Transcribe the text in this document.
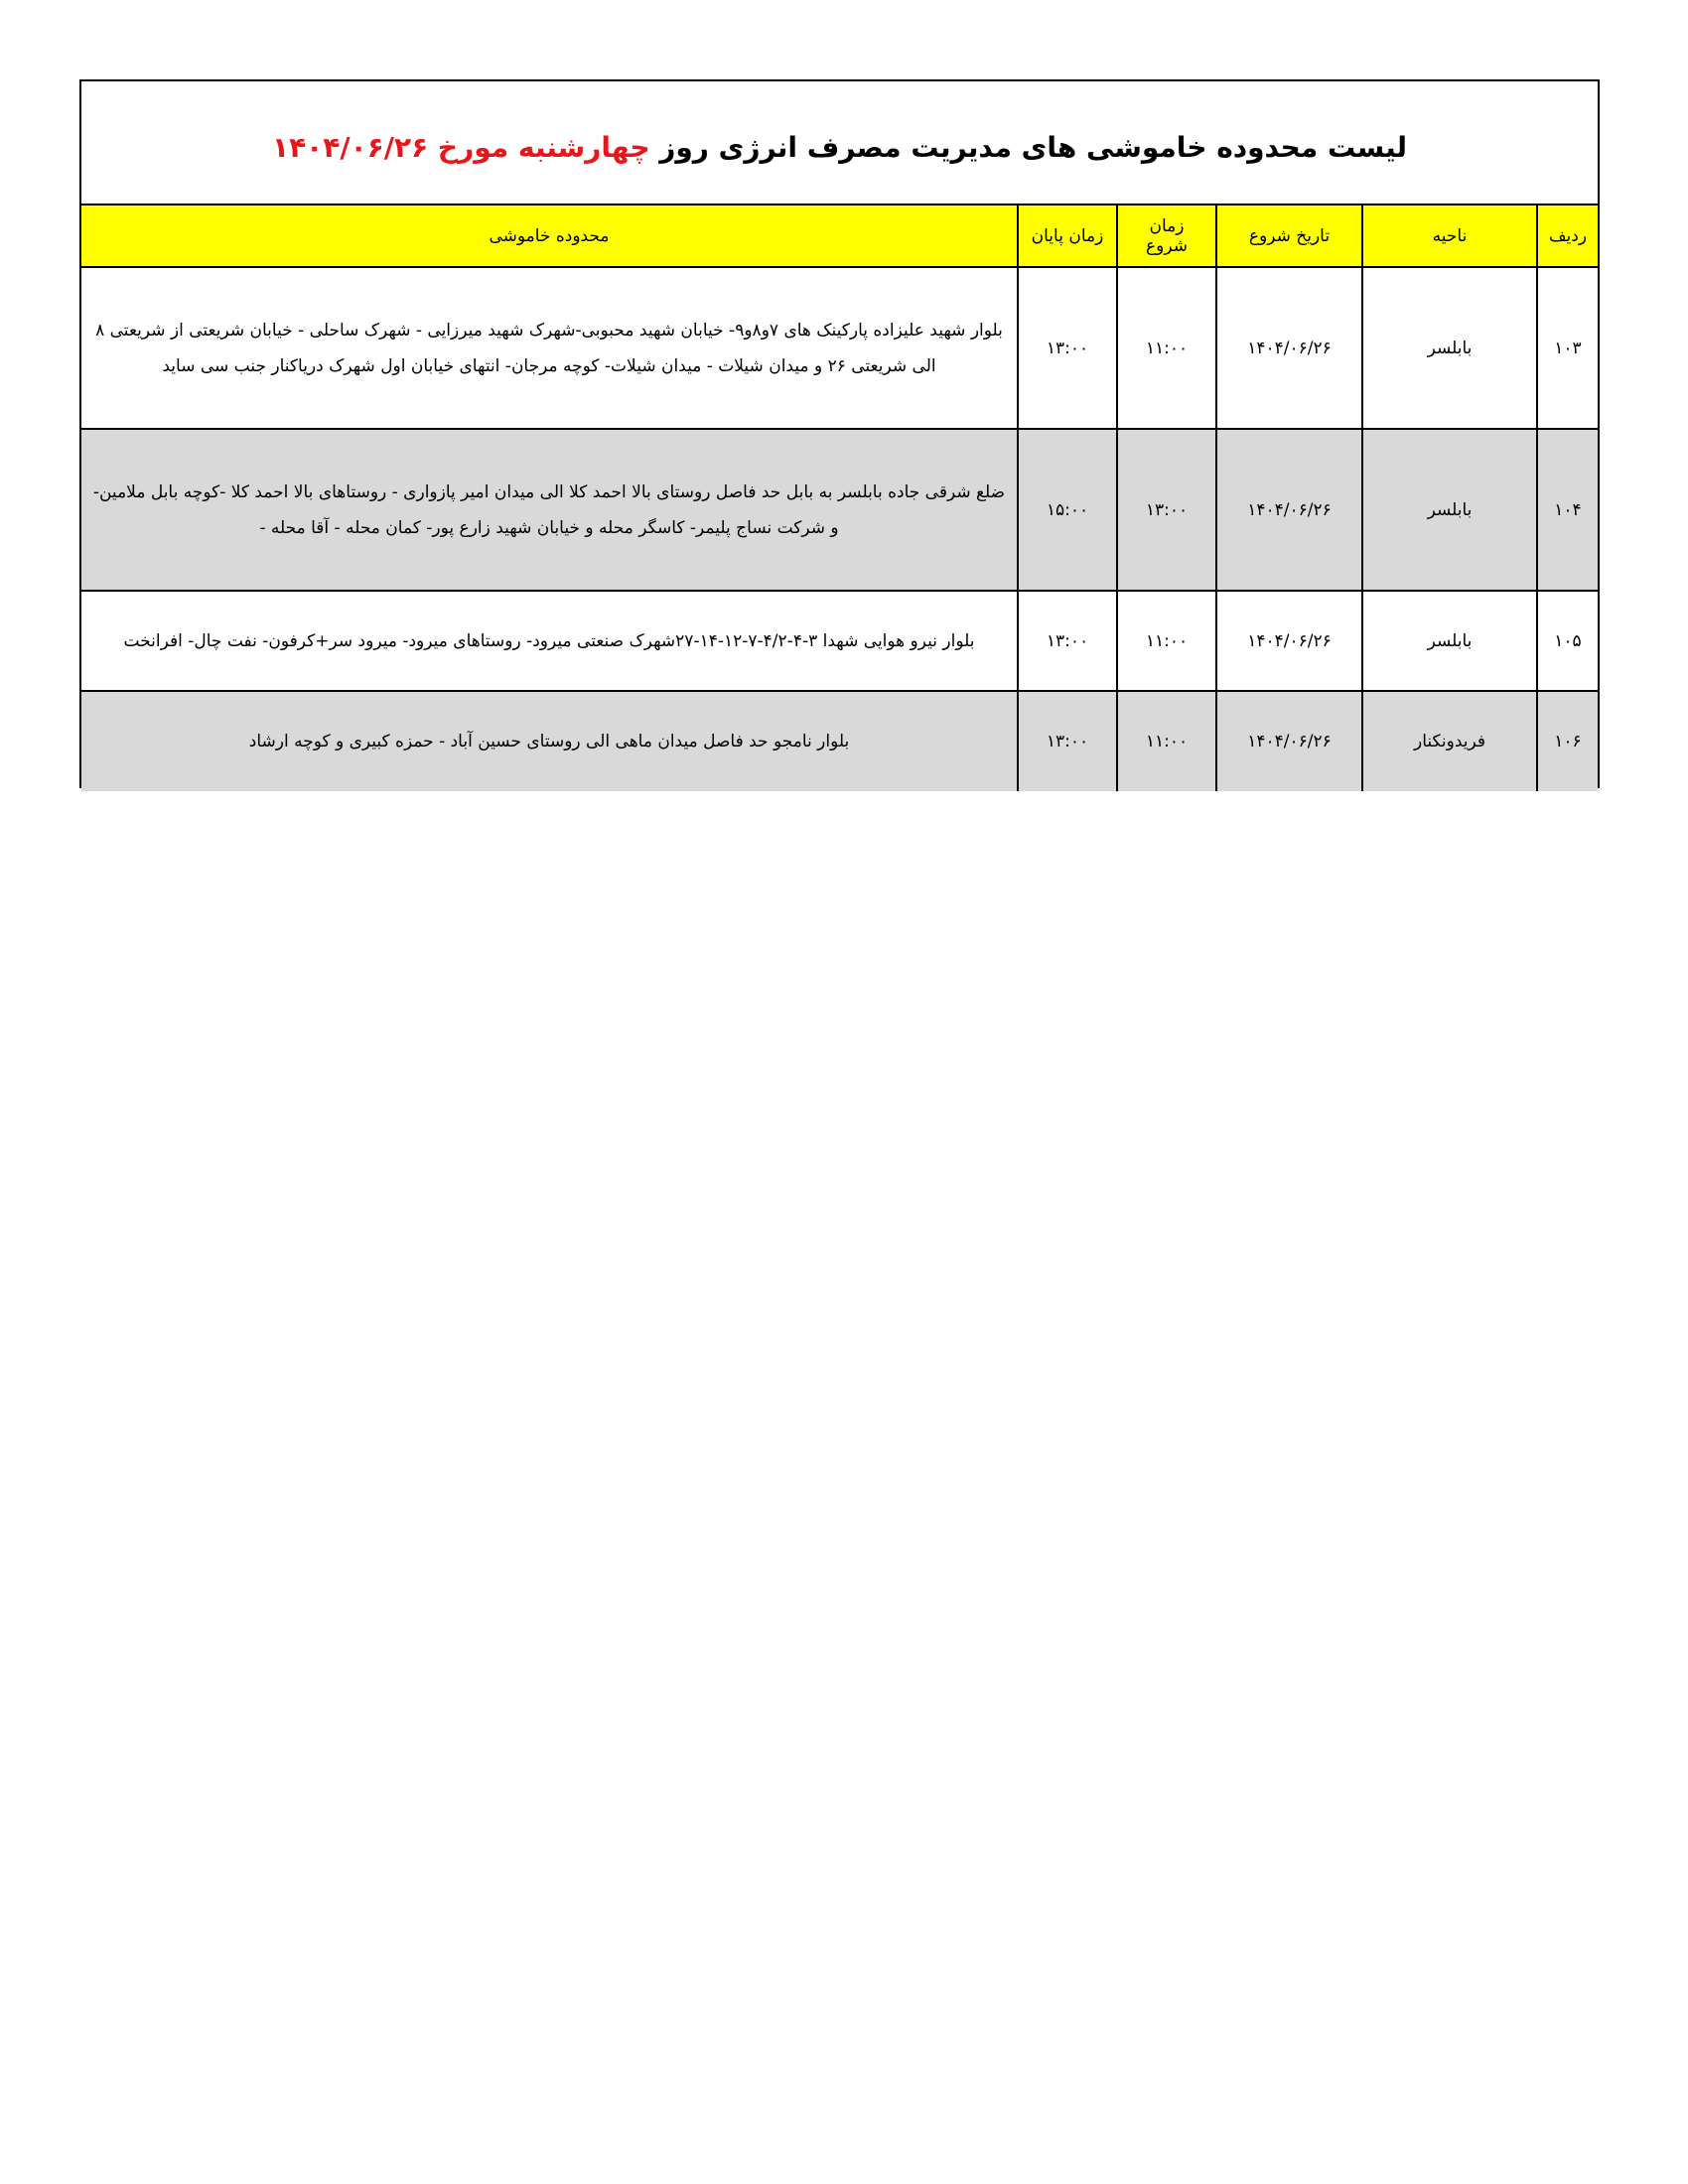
لیست محدوده خاموشی های مدیریت مصرف انرژی روز چهارشنبه مورخ ۱۴۰۴/۰۶/۲۶
ردیف	ناحیه	تاریخ شروع	زمان شروع	زمان پایان	محدوده خاموشی
۱۰۳	بابلسر	۱۴۰۴/۰۶/۲۶	۱۱:۰۰	۱۳:۰۰	بلوار شهید علیزاده پارکینک های ۷و۸و۹- خیابان شهید محبوبی-شهرک شهید میرزایی - شهرک ساحلی - خیابان شریعتی از شریعتی ۸ الی شریعتی ۲۶ و میدان شیلات - میدان شیلات- کوچه مرجان- انتهای خیابان اول شهرک دریاکنار جنب سی ساید
۱۰۴	بابلسر	۱۴۰۴/۰۶/۲۶	۱۳:۰۰	۱۵:۰۰	ضلع شرقی جاده بابلسر به بابل حد فاصل روستای بالا احمد کلا الی میدان امیر پازواری - روستاهای بالا احمد کلا -کوچه بابل ملامین-و شرکت نساج پلیمر- کاسگر محله و خیابان شهید زارع پور- کمان محله - آقا محله -
۱۰۵	بابلسر	۱۴۰۴/۰۶/۲۶	۱۱:۰۰	۱۳:۰۰	بلوار نیرو هوایی شهدا ۳-۴-۴/۲-۷-۱۲-۱۴-۲۷شهرک صنعتی میرود- روستاهای میرود- میرود سر+کرفون- نفت چال- افرانخت
۱۰۶	فریدونکنار	۱۴۰۴/۰۶/۲۶	۱۱:۰۰	۱۳:۰۰	بلوار نامجو حد فاصل میدان ماهی الی روستای حسین آباد - حمزه کبیری و کوچه ارشاد
